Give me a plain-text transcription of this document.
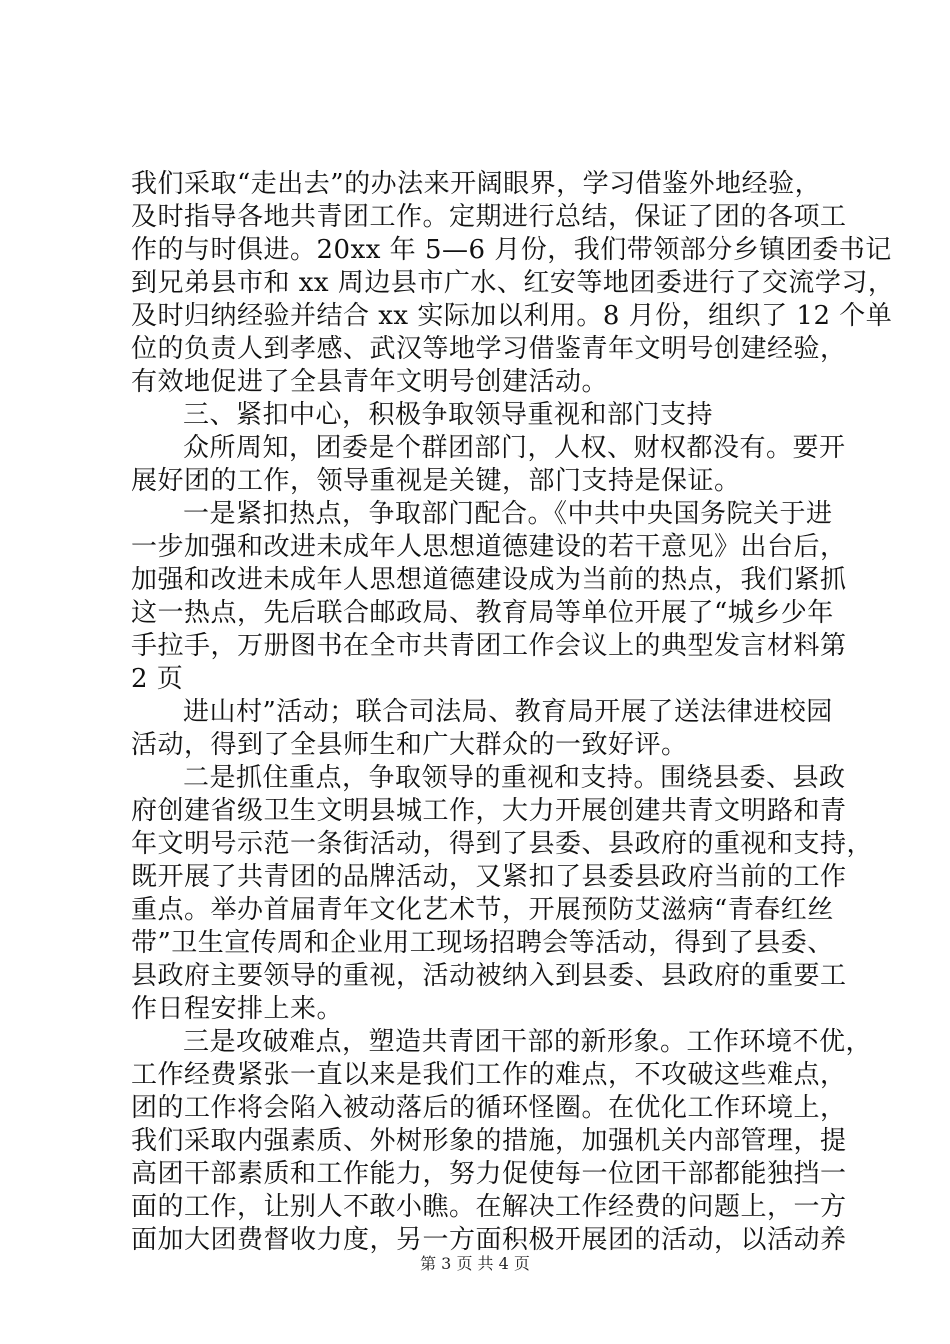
我们采取“走出去”的办法来开阔眼界，学习借鉴外地经验，
及时指导各地共青团工作。定期进行总结，保证了团的各项工
作的与时俱进。20xx 年 5—6 月份，我们带领部分乡镇团委书记
到兄弟县市和 xx 周边县市广水、红安等地团委进行了交流学习，
及时归纳经验并结合 xx 实际加以利用。8 月份，组织了 12 个单
位的负责人到孝感、武汉等地学习借鉴青年文明号创建经验，
有效地促进了全县青年文明号创建活动。
三、紧扣中心，积极争取领导重视和部门支持
众所周知，团委是个群团部门，人权、财权都没有。要开
展好团的工作，领导重视是关键，部门支持是保证。
一是紧扣热点，争取部门配合。《中共中央国务院关于进
一步加强和改进未成年人思想道德建设的若干意见》出台后，
加强和改进未成年人思想道德建设成为当前的热点，我们紧抓
这一热点，先后联合邮政局、教育局等单位开展了“城乡少年
手拉手，万册图书在全市共青团工作会议上的典型发言材料第
2 页
进山村”活动；联合司法局、教育局开展了送法律进校园
活动，得到了全县师生和广大群众的一致好评。
二是抓住重点，争取领导的重视和支持。围绕县委、县政
府创建省级卫生文明县城工作，大力开展创建共青文明路和青
年文明号示范一条街活动，得到了县委、县政府的重视和支持，
既开展了共青团的品牌活动，又紧扣了县委县政府当前的工作
重点。举办首届青年文化艺术节，开展预防艾滋病“青春红丝
带”卫生宣传周和企业用工现场招聘会等活动，得到了县委、
县政府主要领导的重视，活动被纳入到县委、县政府的重要工
作日程安排上来。
三是攻破难点，塑造共青团干部的新形象。工作环境不优，
工作经费紧张一直以来是我们工作的难点，不攻破这些难点，
团的工作将会陷入被动落后的循环怪圈。在优化工作环境上，
我们采取内强素质、外树形象的措施，加强机关内部管理，提
高团干部素质和工作能力，努力促使每一位团干部都能独挡一
面的工作，让别人不敢小瞧。在解决工作经费的问题上，一方
面加大团费督收力度，另一方面积极开展团的活动，以活动养
第 3 页 共 4 页
